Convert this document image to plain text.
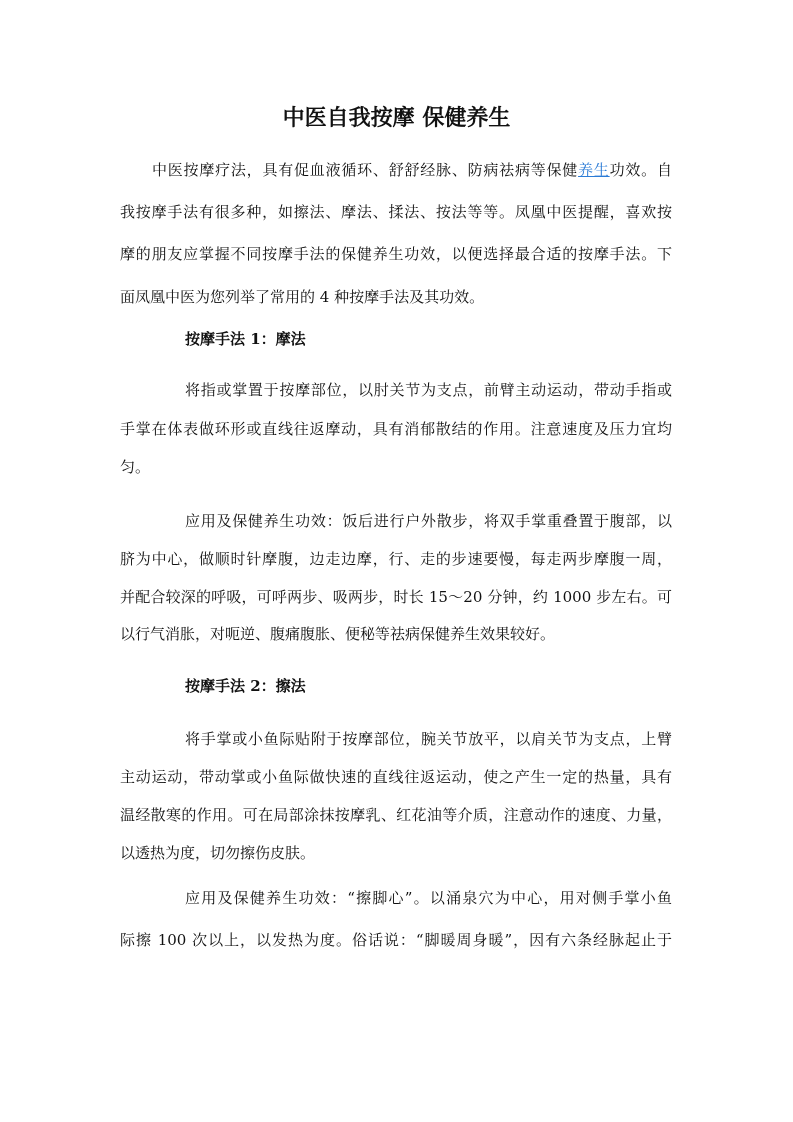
中医自我按摩 保健养生
中医按摩疗法，具有促血液循环、舒舒经脉、防病祛病等保健养生功效。自
我按摩手法有很多种，如擦法、摩法、揉法、按法等等。凤凰中医提醒，喜欢按
摩的朋友应掌握不同按摩手法的保健养生功效，以便选择最合适的按摩手法。下
面凤凰中医为您列举了常用的 4 种按摩手法及其功效。
按摩手法 1：摩法
将指或掌置于按摩部位，以肘关节为支点，前臂主动运动，带动手指或
手掌在体表做环形或直线往返摩动，具有消郁散结的作用。注意速度及压力宜均
匀。
应用及保健养生功效：饭后进行户外散步，将双手掌重叠置于腹部，以
脐为中心，做顺时针摩腹，边走边摩，行、走的步速要慢，每走两步摩腹一周，
并配合较深的呼吸，可呼两步、吸两步，时长 15～20 分钟，约 1000 步左右。可
以行气消胀，对呃逆、腹痛腹胀、便秘等祛病保健养生效果较好。
按摩手法 2：擦法
将手掌或小鱼际贴附于按摩部位，腕关节放平，以肩关节为支点，上臂
主动运动，带动掌或小鱼际做快速的直线往返运动，使之产生一定的热量，具有
温经散寒的作用。可在局部涂抹按摩乳、红花油等介质，注意动作的速度、力量，
以透热为度，切勿擦伤皮肤。
应用及保健养生功效：“擦脚心”。以涌泉穴为中心，用对侧手掌小鱼
际擦 100 次以上，以发热为度。俗话说：“脚暖周身暖”，因有六条经脉起止于
